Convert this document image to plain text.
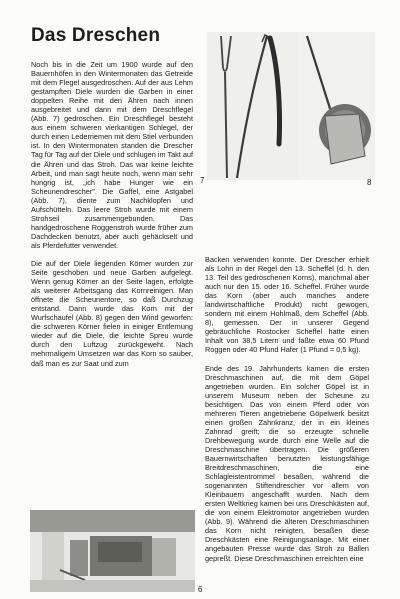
Das Dreschen

Noch bis in die Zeit um 1900 wurde auf den Bauernhöfen in den Wintermonaten das Getreide mit dem Flegel ausgedroschen. Auf der aus Lehm gestampften Diele wurden die Garben in einer doppelten Reihe mit den Ähren nach innen ausgebreitet und dann mit dem Dreschflegel (Abb. 7) gedroschen. Ein Dreschflegel besteht aus einem schweren vierkantigen Schlegel, der durch einen Lederriemen mit dem Stiel verbunden ist. In den Wintermonaten standen die Drescher Tag für Tag auf der Diele und schlugen im Takt auf die Ähren und das Stroh. Das war keine leichte Arbeit, und man sagt heute noch, wenn man sehr hungrig ist, „ich habe Hunger wie ein Scheunendrescher". Die Gaffel, eine Astgabel (Abb. 7), diente zum Nachklopfen und Aufschütteln. Das leere Stroh wurde mit einem Strohseil zusammengebunden. Das handgedroschene Roggenstroh wurde früher zum Dachdecken benutzt, aber auch gehäckselt und als Pferdefutter verwendet.

Die auf der Diele liegenden Körner wurden zur Seite geschoben und neue Garben aufgelegt. Wenn genug Körner an der Seite lagen, erfolgte als weiterer Arbeitsgang das Kornreinigen. Man öffnete die Scheunentore, so daß Durchzug entstand. Dann wurde das Korn mit der Wurfschaufel (Abb. 8) gegen den Wind geworfen: die schweren Körner fielen in einiger Entfernung wieder auf die Diele, die leichte Spreu wurde durch den Luftzug zurückgeweht. Nach mehrmaligem Umsetzen war das Korn so sauber, daß man es zur Saat und zum

7	8
6

Backen verwenden konnte. Der Drescher erhielt als Lohn in der Regel den 13. Scheffel (d. h. den 13. Teil des gedroschenen Korns), manchmal aber auch nur den 15. oder 16. Scheffel. Früher wurde das Korn (aber auch manches andere landwirtschaftliche Produkt) nicht gewogen, sondern mit einem Hohlmaß, dem Scheffel (Abb. 8), gemessen. Der in unserer Gegend gebräuchliche Rostocker Scheffel hatte einen Inhalt von 38,5 Litern und faßte etwa 60 Pfund Roggen oder 40 Pfund Hafer (1 Pfund = 0,5 kg).

Ende des 19. Jahrhunderts kamen die ersten Dreschmaschinen auf, die mit dem Göpel angetrieben wurden. Ein solcher Göpel ist in unserem Museum neben der Scheune zu besichtigen. Das von einem Pferd oder von mehreren Tieren angetriebene Göpelwerk besitzt einen großen Zahnkranz, der in ein kleines Zahnrad greift; die so erzeugte schnelle Drehbewegung wurde durch eine Welle auf die Dreschmaschine übertragen. Die größeren Bauernwirtschaften benutzten leistungsfähige Breitdreschmaschinen, die eine Schlagleistentrommel besaßen, während die sogenannten Stiftendrescher vor allem von Kleinbauern angeschafft wurden. Nach dem ersten Weltkrieg kamen bei uns Dreschkästen auf, die von einem Elektromotor angetrieben wurden (Abb. 9). Während die älteren Dreschmaschinen das Korn nicht reinigten, besaßen diese Dreschkästen eine Reinigungsanlage. Mit einer angebauten Presse wurde das Stroh zu Ballen gepreßt. Diese Dreschmaschinen erreichten eine
